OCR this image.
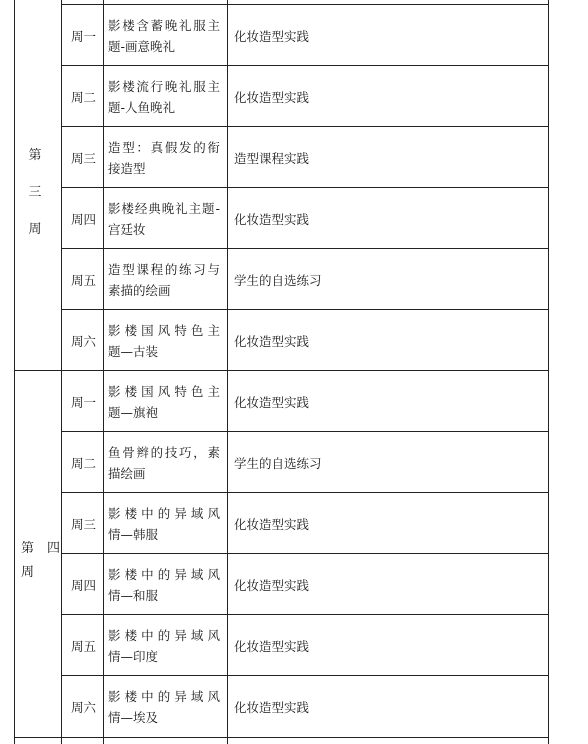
第
三
周
第 四
周
周一
影楼含蓄晚礼服主
题-画意晚礼
化妆造型实践
周二
影楼流行晚礼服主
题-人鱼晚礼
化妆造型实践
周三
造型：真假发的衔
接造型
造型课程实践
周四
影楼经典晚礼主题-
宫廷妆
化妆造型实践
周五
造型课程的练习与
素描的绘画
学生的自选练习
周六
影楼国风特色主
题—古装
化妆造型实践
周一
影楼国风特色主
题—旗袍
化妆造型实践
周二
鱼骨辫的技巧，素
描绘画
学生的自选练习
周三
影楼中的异域风
情—韩服
化妆造型实践
周四
影楼中的异域风
情—和服
化妆造型实践
周五
影楼中的异域风
情—印度
化妆造型实践
周六
影楼中的异域风
情—埃及
化妆造型实践
